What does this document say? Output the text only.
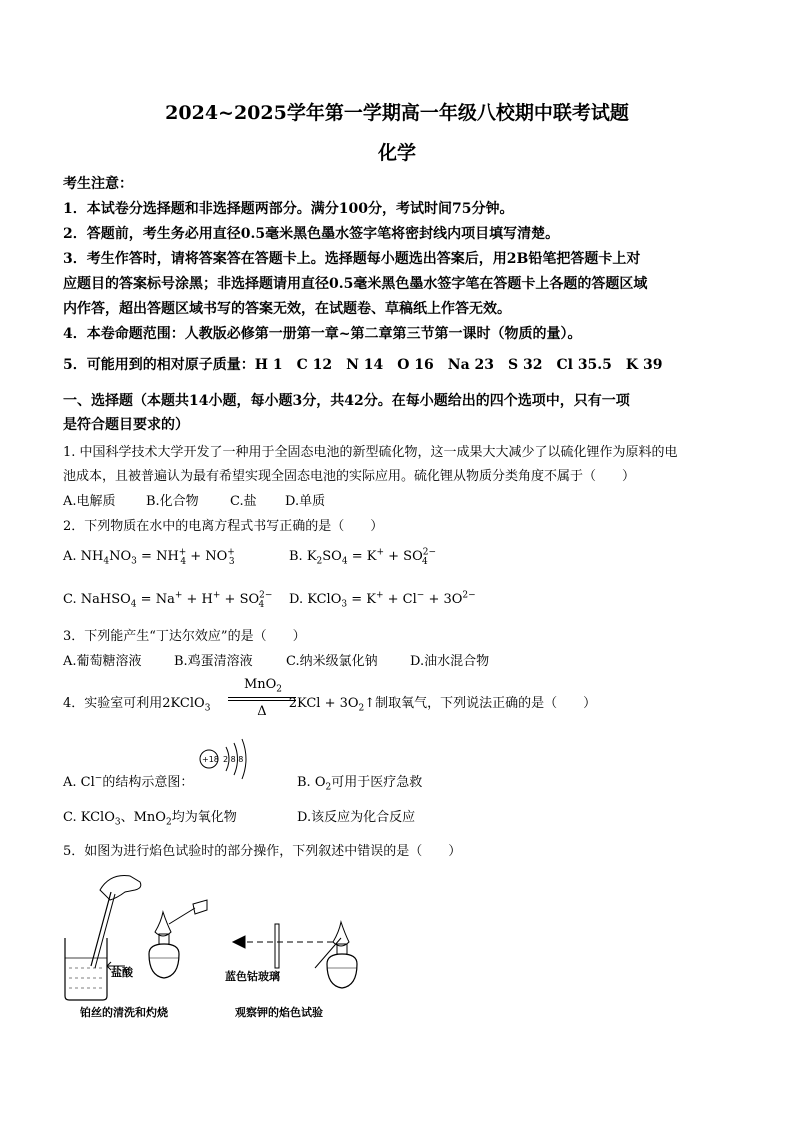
2024~2025学年第一学期高一年级八校期中联考试题
化学
考生注意：
1．本试卷分选择题和非选择题两部分。满分100分，考试时间75分钟。
2．答题前，考生务必用直径0.5毫米黑色墨水签字笔将密封线内项目填写清楚。
3．考生作答时，请将答案答在答题卡上。选择题每小题选出答案后，用2B铅笔把答题卡上对
应题目的答案标号涂黑；非选择题请用直径0.5毫米黑色墨水签字笔在答题卡上各题的答题区域
内作答，超出答题区域书写的答案无效，在试题卷、草稿纸上作答无效。
4．本卷命题范围：人教版必修第一册第一章~第二章第三节第一课时（物质的量）。
5．可能用到的相对原子质量：H 1　C 12　N 14　O 16　Na 23　S 32　Cl 35.5　K 39
一、选择题（本题共14小题，每小题3分，共42分。在每小题给出的四个选项中，只有一项
是符合题目要求的）
1. 中国科学技术大学开发了一种用于全固态电池的新型硫化物，这一成果大大减少了以硫化锂作为原料的电
池成本，且被普遍认为最有希望实现全固态电池的实际应用。硫化锂从物质分类角度不属于（　　）
A.电解质 B.化合物 C.盐 D.单质
2．下列物质在水中的电离方程式书写正确的是（　　）
A. $NH_4NO_3 = NH^+_4 + NO^+_3$	B. $K_2SO_4 = K^+ + SO^{2-}_4$
C. NaHSO$_4$ = $Na^+ + H^+ + SO^{2-}_4$ D. KClO$_3$ = $K^+ + Cl^- + 3O^{2-}$
3．下列能产生“丁达尔效应”的是（　　）
A.葡萄糖溶液 B.鸡蛋清溶液	C.纳米级氯化钠 D.油水混合物
4．实验室可利用2KClO$_3$	$2KCl + 3O_2↑$制取氧气，下列说法正确的是（　　）
MnO$_2$
Δ
A. Cl−的结构示意图：
+18 2 8 8
B. $O_2$可用于医疗急救
C. KClO$_3$、MnO$_2$均为氧化物	D.该反应为化合反应
5．如图为进行焰色试验时的部分操作，下列叙述中错误的是（　　）
盐酸	蓝色钴玻璃
铂丝的清洗和灼烧	观察钾的焰色试验
